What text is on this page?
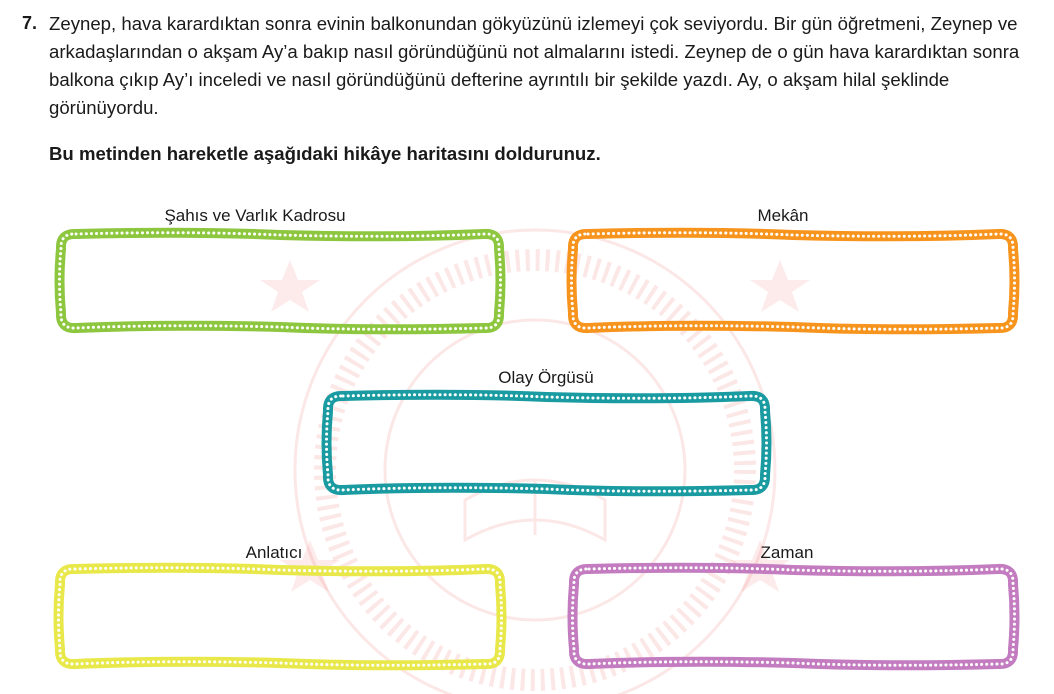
7. Zeynep, hava karardıktan sonra evinin balkonundan gökyüzünü izlemeyi çok seviyordu. Bir gün öğretmeni, Zeynep ve arkadaşlarından o akşam Ay’a bakıp nasıl göründüğünü not almalarını istedi. Zeynep de o gün hava karardıktan sonra balkona çıkıp Ay’ı inceledi ve nasıl göründüğünü defterine ayrıntılı bir şekilde yazdı. Ay, o akşam hilal şeklinde görünüyordu.
Bu metinden hareketle aşağıdaki hikâye haritasını doldurunuz.
Şahıs ve Varlık Kadrosu	Mekân
Olay Örgüsü
Anlatıcı	Zaman
